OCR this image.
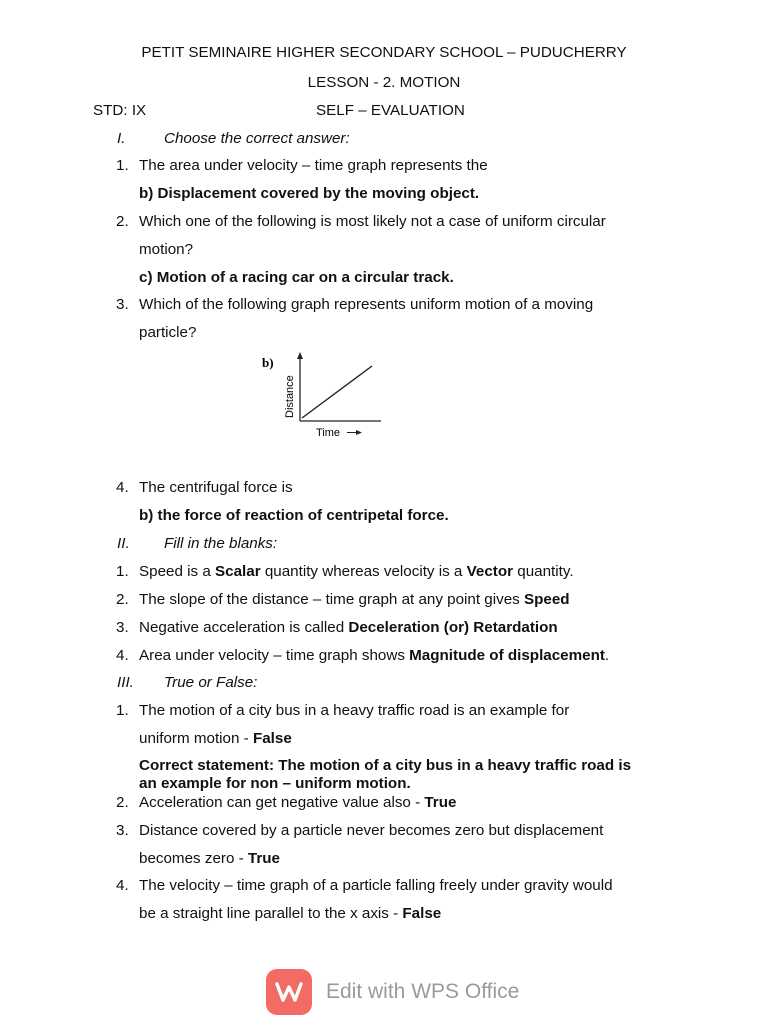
PETIT SEMINAIRE HIGHER SECONDARY SCHOOL – PUDUCHERRY
LESSON - 2. MOTION
STD: IX	SELF – EVALUATION
I.	Choose the correct answer:
1. The area under velocity – time graph represents the
b) Displacement covered by the moving object.
2. Which one of the following is most likely not a case of uniform circular
motion?
c) Motion of a racing car on a circular track.
3. Which of the following graph represents uniform motion of a moving
particle?
b)
Distance
Time
4. The centrifugal force is
b) the force of reaction of centripetal force.
II. Fill in the blanks:
1. Speed is a Scalar quantity whereas velocity is a Vector quantity.
2. The slope of the distance – time graph at any point gives Speed
3. Negative acceleration is called Deceleration (or) Retardation
4. Area under velocity – time graph shows Magnitude of displacement.
III. True or False:
1. The motion of a city bus in a heavy traffic road is an example for
uniform motion - False
Correct statement: The motion of a city bus in a heavy traffic road is
an example for non – uniform motion.
2. Acceleration can get negative value also - True
3. Distance covered by a particle never becomes zero but displacement
becomes zero - True
4. The velocity – time graph of a particle falling freely under gravity would
be a straight line parallel to the x axis - False
Edit with WPS Office
